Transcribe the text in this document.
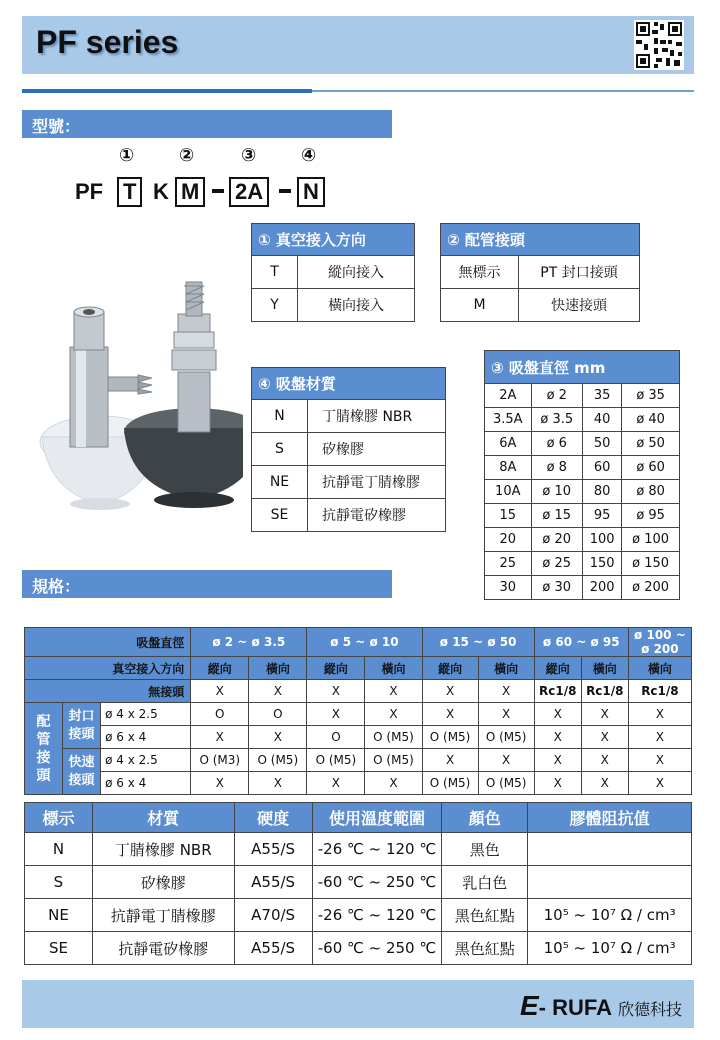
PF series
型號：
① ②	③ ④
PF T K M 2A N
① 真空接入方向	
T	縱向接入
Y	橫向接入
② 配管接頭	
無標示	PT 封口接頭
M	快速接頭
④ 吸盤材質	
N	丁腈橡膠 NBR
S	矽橡膠
NE	抗靜電丁腈橡膠
SE	抗靜電矽橡膠
③ 吸盤直徑 mm			
2A	ø 2	35	ø 35
3.5A	ø 3.5	40	ø 40
6A	ø 6	50	ø 50
8A	ø 8	60	ø 60
10A	ø 10	80	ø 80
15	ø 15	95	ø 95
20	ø 20	100	ø 100
25	ø 25	150	ø 150
30	ø 30	200	ø 200
規格：
吸盤直徑			ø 2 ~ ø 3.5		ø 5 ~ ø 10		ø 15 ~ ø 50		ø 60 ~ ø 95		ø 100 ~ ø 200
真空接入方向			縱向	橫向	縱向	橫向	縱向	橫向	縱向	橫向	橫向
無接頭			X	X	X	X	X	X	Rc1/8	Rc1/8	Rc1/8
配管接頭	封口接頭	ø 4 x 2.5	O	O	X	X	X	X	X	X	X
		ø 6 x 4	X	X	O	O (M5)	O (M5)	O (M5)	X	X	X
	快速接頭	ø 4 x 2.5	O (M3)	O (M5)	O (M5)	O (M5)	X	X	X	X	X
		ø 6 x 4	X	X	X	X	O (M5)	O (M5)	X	X	X
標示	材質	硬度	使用溫度範圍	顏色	膠體阻抗值
N	丁腈橡膠 NBR	A55/S	-26 ℃ ~ 120 ℃	黑色	
S	矽橡膠	A55/S	-60 ℃ ~ 250 ℃	乳白色	
NE	抗靜電丁腈橡膠	A70/S	-26 ℃ ~ 120 ℃	黑色紅點	10⁵ ~ 10⁷ Ω / cm³
SE	抗靜電矽橡膠	A55/S	-60 ℃ ~ 250 ℃	黑色紅點	10⁵ ~ 10⁷ Ω / cm³
E- RUFA 欣德科技
